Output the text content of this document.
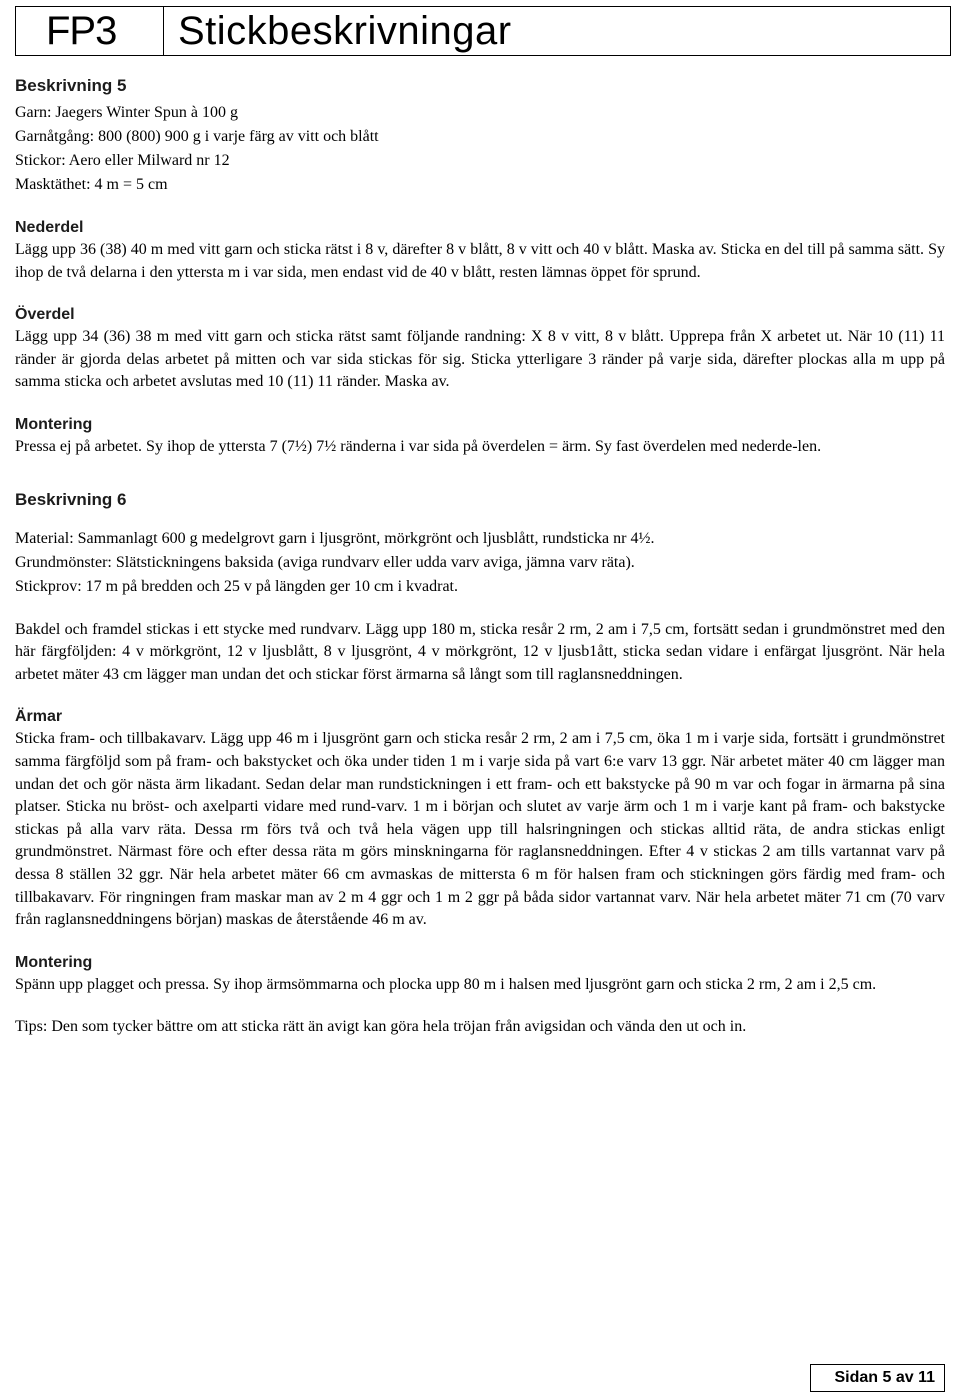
FP3	Stickbeskrivningar
Beskrivning 5
Garn: Jaegers Winter Spun à 100 g
Garnåtgång: 800 (800) 900 g i varje färg av vitt och blått
Stickor: Aero eller Milward nr 12
Masktäthet: 4 m = 5 cm
Nederdel
Lägg upp 36 (38) 40 m med vitt garn och sticka rätst i 8 v, därefter 8 v blått, 8 v vitt och 40 v blått. Maska av. Sticka en del till på samma sätt. Sy ihop de två delarna i den yttersta m i var sida, men endast vid de 40 v blått, resten lämnas öppet för sprund.
Överdel
Lägg upp 34 (36) 38 m med vitt garn och sticka rätst samt följande randning: X 8 v vitt, 8 v blått. Upprepa från X arbetet ut. När 10 (11) 11 ränder är gjorda delas arbetet på mitten och var sida stickas för sig. Sticka ytterligare 3 ränder på varje sida, därefter plockas alla m upp på samma sticka och arbetet avslutas med 10 (11) 11 ränder. Maska av.
Montering
Pressa ej på arbetet. Sy ihop de yttersta 7 (7½) 7½ ränderna i var sida på överdelen = ärm. Sy fast överdelen med nederde-len.
Beskrivning 6
Material: Sammanlagt 600 g medelgrovt garn i ljusgrönt, mörkgrönt och ljusblått, rundsticka nr 4½.
Grundmönster: Slätstickningens baksida (aviga rundvarv eller udda varv aviga, jämna varv räta).
Stickprov: 17 m på bredden och 25 v på längden ger 10 cm i kvadrat.
Bakdel och framdel stickas i ett stycke med rundvarv. Lägg upp 180 m, sticka resår 2 rm, 2 am i 7,5 cm, fortsätt sedan i grundmönstret med den här färgföljden: 4 v mörkgrönt, 12 v ljusblått, 8 v ljusgrönt, 4 v mörkgrönt, 12 v ljusb1ått, sticka sedan vidare i enfärgat ljusgrönt. När hela arbetet mäter 43 cm lägger man undan det och stickar först ärmarna så långt som till raglansneddningen.
Ärmar
Sticka fram- och tillbakavarv. Lägg upp 46 m i ljusgrönt garn och sticka resår 2 rm, 2 am i 7,5 cm, öka 1 m i varje sida, fortsätt i grundmönstret samma färgföljd som på fram- och bakstycket och öka under tiden 1 m i varje sida på vart 6:e varv 13 ggr. När arbetet mäter 40 cm lägger man undan det och gör nästa ärm likadant. Sedan delar man rundstickningen i ett fram- och ett bakstycke på 90 m var och fogar in ärmarna på sina platser. Sticka nu bröst- och axelparti vidare med rund-varv. 1 m i början och slutet av varje ärm och 1 m i varje kant på fram- och bakstycke stickas på alla varv räta. Dessa rm förs två och två hela vägen upp till halsringningen och stickas alltid räta, de andra stickas enligt grundmönstret. Närmast före och efter dessa räta m görs minskningarna för raglansneddningen. Efter 4 v stickas 2 am tills vartannat varv på dessa 8 ställen 32 ggr. När hela arbetet mäter 66 cm avmaskas de mittersta 6 m för halsen fram och stickningen görs färdig med fram- och tillbakavarv. För ringningen fram maskar man av 2 m 4 ggr och 1 m 2 ggr på båda sidor vartannat varv. När hela arbetet mäter 71 cm (70 varv från raglansneddningens början) maskas de återstående 46 m av.
Montering
Spänn upp plagget och pressa. Sy ihop ärmsömmarna och plocka upp 80 m i halsen med ljusgrönt garn och sticka 2 rm, 2 am i 2,5 cm.
Tips: Den som tycker bättre om att sticka rätt än avigt kan göra hela tröjan från avigsidan och vända den ut och in.
Sidan 5 av 11
